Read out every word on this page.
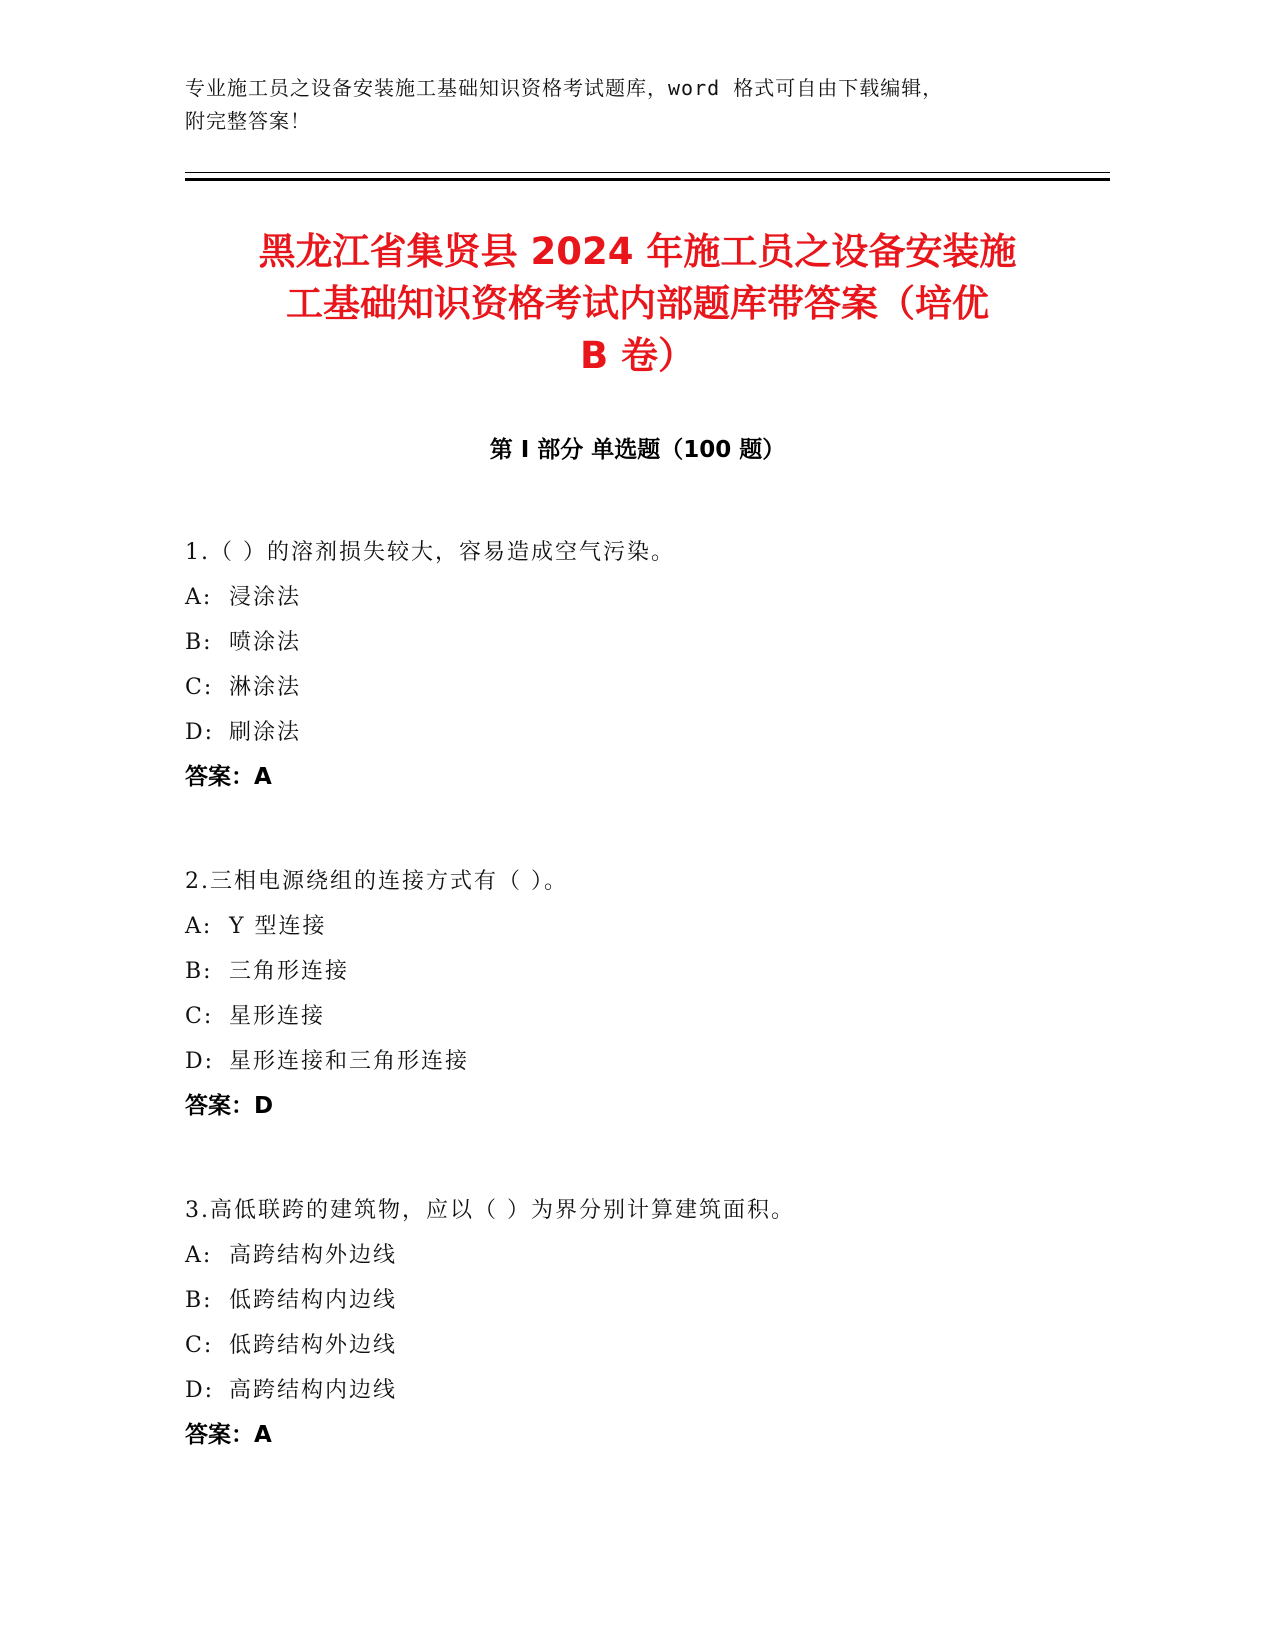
专业施工员之设备安装施工基础知识资格考试题库，word 格式可自由下载编辑，
附完整答案！
黑龙江省集贤县 2024 年施工员之设备安装施
工基础知识资格考试内部题库带答案（培优
B 卷）
第 I 部分 单选题（100 题）
1.（ ）的溶剂损失较大，容易造成空气污染。
A: 浸涂法
B: 喷涂法
C: 淋涂法
D: 刷涂法
答案：A
2.三相电源绕组的连接方式有（ ）。
A: Y 型连接
B: 三角形连接
C: 星形连接
D: 星形连接和三角形连接
答案：D
3.高低联跨的建筑物，应以（ ）为界分别计算建筑面积。
A: 高跨结构外边线
B: 低跨结构内边线
C: 低跨结构外边线
D: 高跨结构内边线
答案：A
